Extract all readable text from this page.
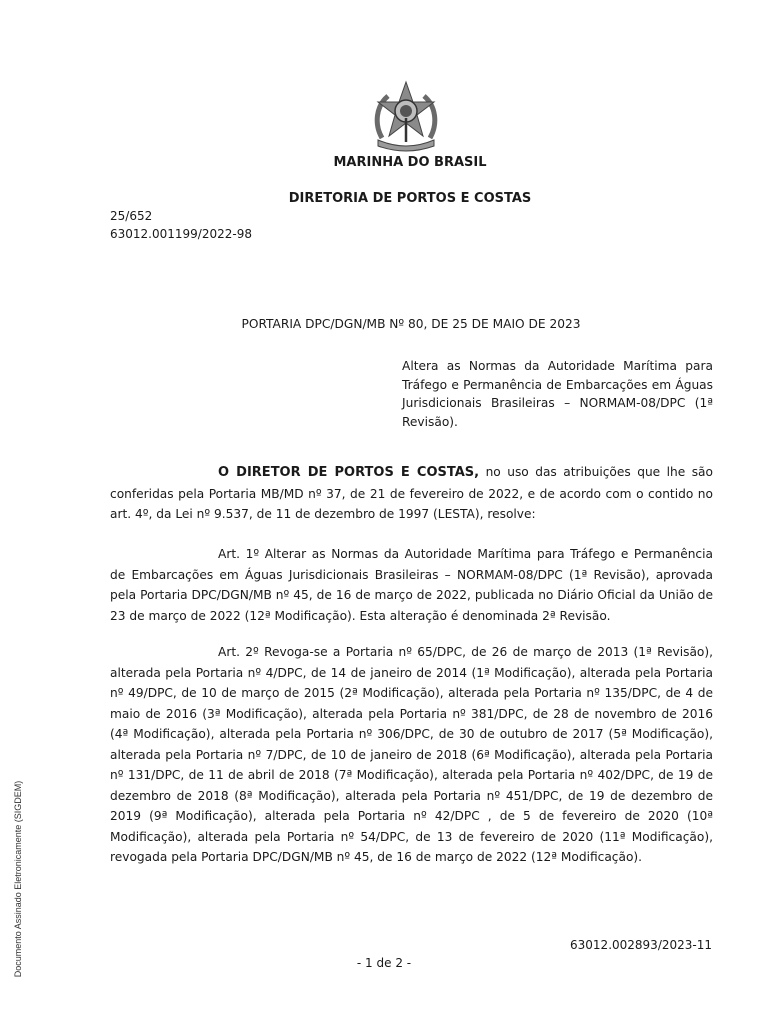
MARINHA DO BRASIL
DIRETORIA DE PORTOS E COSTAS
25/652
63012.001199/2022-98
PORTARIA DPC/DGN/MB Nº 80, DE 25 DE MAIO DE 2023
Altera as Normas da Autoridade Marítima para Tráfego e Permanência de Embarcações em Águas Jurisdicionais Brasileiras – NORMAM-08/DPC (1ª Revisão).
O DIRETOR DE PORTOS E COSTAS, no uso das atribuições que lhe são conferidas pela Portaria MB/MD nº 37, de 21 de fevereiro de 2022, e de acordo com o contido no art. 4º, da Lei nº 9.537, de 11 de dezembro de 1997 (LESTA), resolve:
Art. 1º Alterar as Normas da Autoridade Marítima para Tráfego e Permanência de Embarcações em Águas Jurisdicionais Brasileiras – NORMAM-08/DPC (1ª Revisão), aprovada pela Portaria DPC/DGN/MB nº 45, de 16 de março de 2022, publicada no Diário Oficial da União de 23 de março de 2022 (12ª Modificação). Esta alteração é denominada 2ª Revisão.
Art. 2º Revoga-se a Portaria nº 65/DPC, de 26 de março de 2013 (1ª Revisão), alterada pela Portaria nº 4/DPC, de 14 de janeiro de 2014 (1ª Modificação), alterada pela Portaria nº 49/DPC, de 10 de março de 2015 (2ª Modificação), alterada pela Portaria nº 135/DPC, de 4 de maio de 2016 (3ª Modificação), alterada pela Portaria nº 381/DPC, de 28 de novembro de 2016 (4ª Modificação), alterada pela Portaria nº 306/DPC, de 30 de outubro de 2017 (5ª Modificação), alterada pela Portaria nº 7/DPC, de 10 de janeiro de 2018 (6ª Modificação), alterada pela Portaria nº 131/DPC, de 11 de abril de 2018 (7ª Modificação), alterada pela Portaria nº 402/DPC, de 19 de dezembro de 2018 (8ª Modificação), alterada pela Portaria nº 451/DPC, de 19 de dezembro de 2019 (9ª Modificação), alterada pela Portaria nº 42/DPC , de 5 de fevereiro de 2020 (10ª Modificação), alterada pela Portaria nº 54/DPC, de 13 de fevereiro de 2020 (11ª Modificação), revogada pela Portaria DPC/DGN/MB nº 45, de 16 de março de 2022 (12ª Modificação).
63012.002893/2023-11
- 1 de 2 -
Documento Assinado Eletronicamente (SIGDEM)
